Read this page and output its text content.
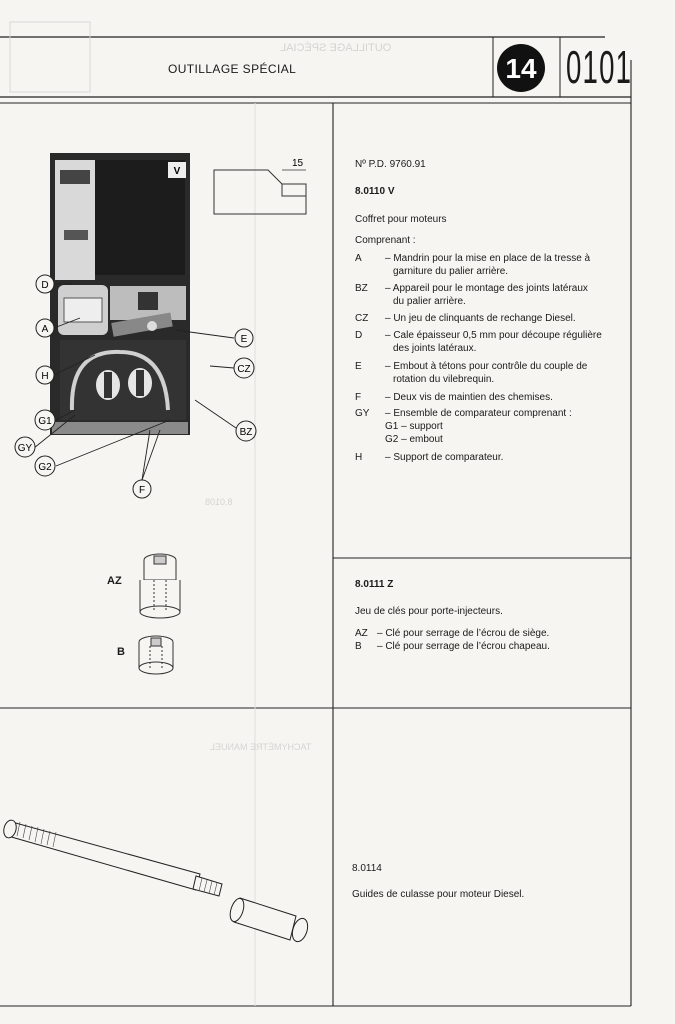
OUTILLAGE SPÉCIAL
8.0108
TACHYMÈTRE MANUEL
OUTILLAGE SPÉCIAL	14 0101
V
15
D
A
H
G1
GY
G2
F
E
CZ
BZ
AZ
B
Nº P.D. 9760.91
8.0110 V
Coffret pour moteurs
Comprenant :
A	– Mandrin pour la mise en place de la tresse à
garniture du palier arrière.
BZ	– Appareil pour le montage des joints latéraux
du palier arrière.
CZ	– Un jeu de clinquants de rechange Diesel.
D	– Cale épaisseur 0,5 mm pour découpe régulière
des joints latéraux.
E	– Embout à tétons pour contrôle du couple de
rotation du vilebrequin.
F	– Deux vis de maintien des chemises.
GY	– Ensemble de comparateur comprenant :
G1 – support
G2 – embout
H	– Support de comparateur.
8.0111 Z
Jeu de clés pour porte-injecteurs.
AZ – Clé pour serrage de l’écrou de siège.
B	– Clé pour serrage de l’écrou chapeau.
8.0114
Guides de culasse pour moteur Diesel.
